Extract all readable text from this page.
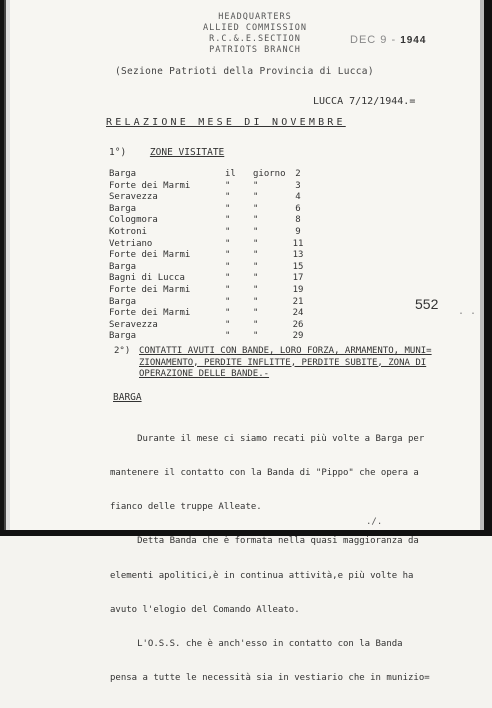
HEADQUARTERS
ALLIED COMMISSION
R.C.&.E.SECTION
PATRIOTS BRANCH
DEC 9 - 1944
(Sezione Patrioti della Provincia di Lucca)
LUCCA 7/12/1944.=
RELAZIONE MESE DI NOVEMBRE
1°) ZONE VISITATE
Barga	il giorno	2
Forte dei Marmi	"	"	3
Seravezza	"	"	4
Barga	"	"	6
Cologmora	"	"	8
Kotroni	"	"	9
Vetriano	"	"	11
Forte dei Marmi	"	"	13
Barga	"	"	15
Bagni di Lucca	"	"	17
Forte dei Marmi	"	"	19
Barga	"	"	21
Forte dei Marmi	"	"	24
Seravezza	"	"	26
Barga	"	"	29
552 . .
2°) CONTATTI AVUTI CON BANDE, LORO FORZA, ARMAMENTO, MUNI=
ZIONAMENTO, PERDITE INFLITTE, PERDITE SUBITE, ZONA DI
OPERAZIONE DELLE BANDE.-
BARGA

Durante il mese ci siamo recati più volte a Barga per

mantenere il contatto con la Banda di "Pippo" che opera a

fianco delle truppe Alleate.

Detta Banda che è formata nella quasi maggioranza da

elementi apolitici,è in continua attività,e più volte ha

avuto l'elogio del Comando Alleato.

L'O.S.S. che è anch'esso in contatto con la Banda

pensa a tutte le necessità sia in vestiario che in munizio=

./.
